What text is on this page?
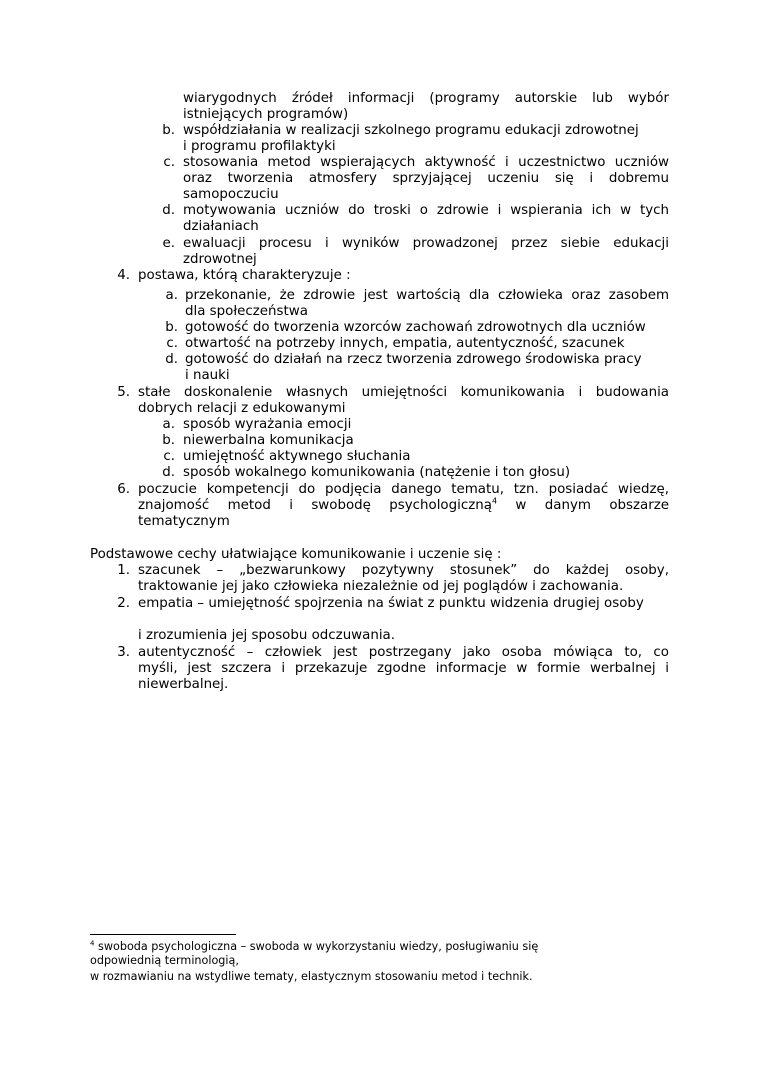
wiarygodnych źródeł informacji (programy autorskie lub wybór
istniejących programów)
b. współdziałania w realizacji szkolnego programu edukacji zdrowotnej
i programu profilaktyki
c. stosowania metod wspierających aktywność i uczestnictwo uczniów
oraz tworzenia atmosfery sprzyjającej uczeniu się i dobremu
samopoczuciu
d. motywowania uczniów do troski o zdrowie i wspierania ich w tych
działaniach
e. ewaluacji procesu i wyników prowadzonej przez siebie edukacji
zdrowotnej
4. postawa, którą charakteryzuje :
a. przekonanie, że zdrowie jest wartością dla człowieka oraz zasobem
dla społeczeństwa
b. gotowość do tworzenia wzorców zachowań zdrowotnych dla uczniów
c. otwartość na potrzeby innych, empatia, autentyczność, szacunek
d. gotowość do działań na rzecz tworzenia zdrowego środowiska pracy
i nauki
5. stałe doskonalenie własnych umiejętności komunikowania i budowania
dobrych relacji z edukowanymi
a. sposób wyrażania emocji
b. niewerbalna komunikacja
c. umiejętność aktywnego słuchania
d. sposób wokalnego komunikowania (natężenie i ton głosu)
6. poczucie kompetencji do podjęcia danego tematu, tzn. posiadać wiedzę,
znajomość metod i swobodę psychologiczną$^4$ w danym obszarze
tematycznym
Podstawowe cechy ułatwiające komunikowanie i uczenie się :
1. szacunek – „bezwarunkowy pozytywny stosunek” do każdej osoby,
traktowanie jej jako człowieka niezależnie od jej poglądów i zachowania.
2. empatia – umiejętność spojrzenia na świat z punktu widzenia drugiej osoby
i zrozumienia jej sposobu odczuwania.
3. autentyczność – człowiek jest postrzegany jako osoba mówiąca to, co
myśli, jest szczera i przekazuje zgodne informacje w formie werbalnej i
niewerbalnej.
$^4$ swoboda psychologiczna – swoboda w wykorzystaniu wiedzy, posługiwaniu się
odpowiednią terminologią,
w rozmawianiu na wstydliwe tematy, elastycznym stosowaniu metod i technik.
